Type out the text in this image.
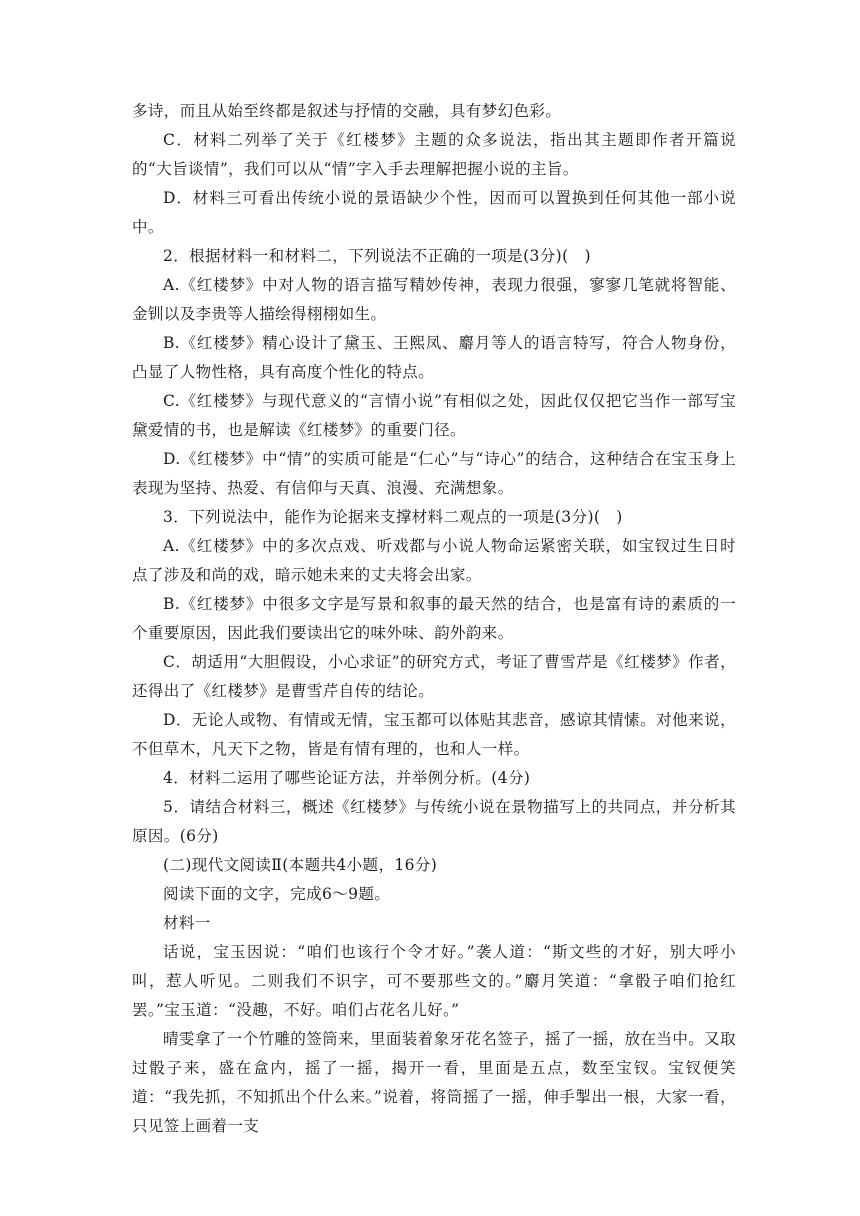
多诗，而且从始至终都是叙述与抒情的交融，具有梦幻色彩。

C．材料二列举了关于《红楼梦》主题的众多说法，指出其主题即作者开篇说的“大旨谈情”，我们可以从“情”字入手去理解把握小说的主旨。

D．材料三可看出传统小说的景语缺少个性，因而可以置换到任何其他一部小说中。

2．根据材料一和材料二，下列说法不正确的一项是(3分)(　)

A.《红楼梦》中对人物的语言描写精妙传神，表现力很强，寥寥几笔就将智能、金钏以及李贵等人描绘得栩栩如生。

B.《红楼梦》精心设计了黛玉、王熙凤、麝月等人的语言特写，符合人物身份，凸显了人物性格，具有高度个性化的特点。

C.《红楼梦》与现代意义的“言情小说”有相似之处，因此仅仅把它当作一部写宝黛爱情的书，也是解读《红楼梦》的重要门径。

D.《红楼梦》中“情”的实质可能是“仁心”与“诗心”的结合，这种结合在宝玉身上表现为坚持、热爱、有信仰与天真、浪漫、充满想象。

3．下列说法中，能作为论据来支撑材料二观点的一项是(3分)(　)

A.《红楼梦》中的多次点戏、听戏都与小说人物命运紧密关联，如宝钗过生日时点了涉及和尚的戏，暗示她未来的丈夫将会出家。

B.《红楼梦》中很多文字是写景和叙事的最天然的结合，也是富有诗的素质的一个重要原因，因此我们要读出它的味外味、韵外韵来。

C．胡适用“大胆假设，小心求证”的研究方式，考证了曹雪芹是《红楼梦》作者，还得出了《红楼梦》是曹雪芹自传的结论。

D．无论人或物、有情或无情，宝玉都可以体贴其悲音，感谅其情愫。对他来说，不但草木，凡天下之物，皆是有情有理的，也和人一样。

4．材料二运用了哪些论证方法，并举例分析。(4分)

5．请结合材料三，概述《红楼梦》与传统小说在景物描写上的共同点，并分析其原因。(6分)

(二)现代文阅读Ⅱ(本题共4小题，16分)

阅读下面的文字，完成6～9题。

材料一

话说，宝玉因说：“咱们也该行个令才好。”袭人道：“斯文些的才好，别大呼小叫，惹人听见。二则我们不识字，可不要那些文的。”麝月笑道：“拿骰子咱们抢红罢。”宝玉道：“没趣，不好。咱们占花名儿好。”

晴雯拿了一个竹雕的签筒来，里面装着象牙花名签子，摇了一摇，放在当中。又取过骰子来，盛在盒内，摇了一摇，揭开一看，里面是五点，数至宝钗。宝钗便笑道：“我先抓，不知抓出个什么来。”说着，将筒摇了一摇，伸手掣出一根，大家一看，只见签上画着一支
